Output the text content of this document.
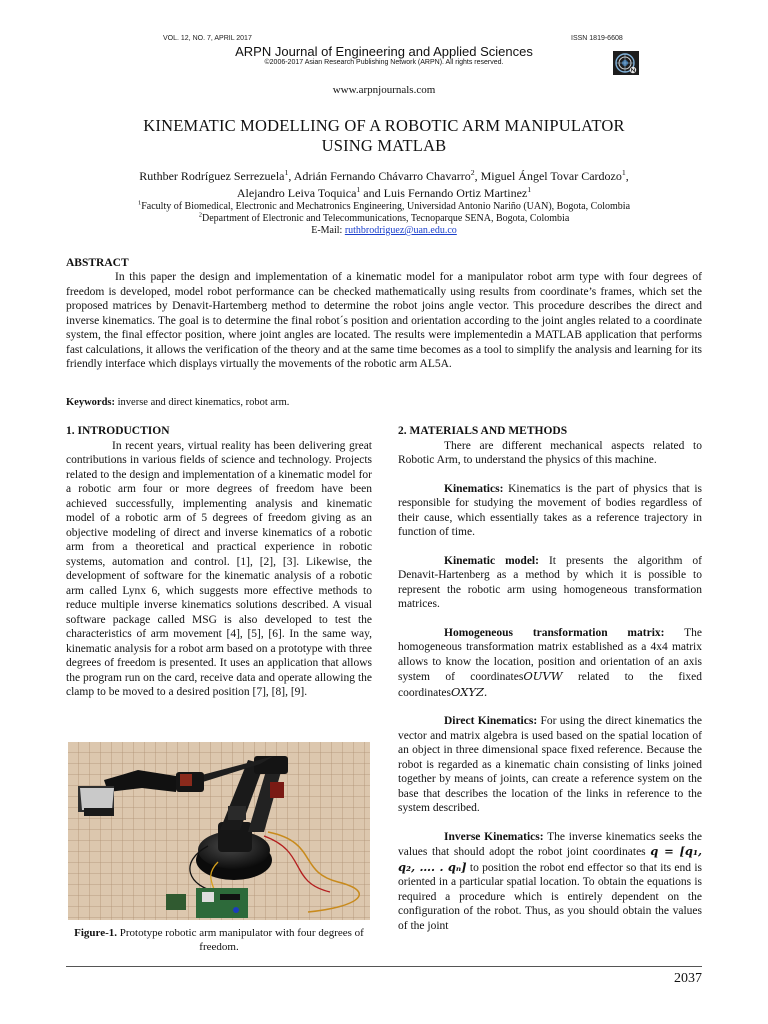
VOL. 12, NO. 7, APRIL 2017	ISSN 1819-6608
ARPN Journal of Engineering and Applied Sciences
©2006-2017 Asian Research Publishing Network (ARPN). All rights reserved.
www.arpnjournals.com
KINEMATIC MODELLING OF A ROBOTIC ARM MANIPULATOR
USING MATLAB
Ruthber Rodríguez Serrezuela$^1$, Adrián Fernando Chávarro Chavarro$^2$, Miguel Ángel Tovar Cardozo$^1$,
Alejandro Leiva Toquica$^1$ and Luis Fernando Ortiz Martinez$^1$
$^1$Faculty of Biomedical, Electronic and Mechatronics Engineering, Universidad Antonio Nariño (UAN), Bogota, Colombia
$^2$Department of Electronic and Telecommunications, Tecnoparque SENA, Bogota, Colombia
E-Mail: ruthbrodriguez@uan.edu.co
ABSTRACT

In this paper the design and implementation of a kinematic model for a manipulator robot arm type with four degrees of freedom is developed, model robot performance can be checked mathematically using results from coordinate’s frames, which set the proposed matrices by Denavit-Hartemberg method to determine the robot joins angle vector. This procedure describes the direct and inverse kinematics. The goal is to determine the final robot´s position and orientation according to the joint angles related to a coordinate system, the final effector position, where joint angles are located. The results were implementedin a MATLAB application that performs fast calculations, it allows the verification of the theory and at the same time becomes as a tool to simplify the analysis and learning for its friendly interface which displays virtually the movements of the robotic arm AL5A.

Keywords: inverse and direct kinematics, robot arm.
1. INTRODUCTION

In recent years, virtual reality has been delivering great contributions in various fields of science and technology. Projects related to the design and implementation of a kinematic model for a robotic arm four or more degrees of freedom have been achieved successfully, implementing analysis and kinematic model of a robotic arm of 5 degrees of freedom giving as an objective modeling of direct and inverse kinematics of a robotic arm from a theoretical and practical experience in robotic systems, automation and control. [1], [2], [3]. Likewise, the development of software for the kinematic analysis of a robotic arm called Lynx 6, which suggests more effective methods to reduce multiple inverse kinematics solutions described. A visual software package called MSG is also developed to test the characteristics of arm movement [4], [5], [6]. In the same way, kinematic analysis for a robot arm based on a prototype with three degrees of freedom is presented. It uses an application that allows the program run on the card, receive data and operate allowing the clamp to be moved to a desired position [7], [8], [9].

Figure-1. Prototype robotic arm manipulator with four degrees of freedom.
2. MATERIALS AND METHODS

There are different mechanical aspects related to Robotic Arm, to understand the physics of this machine.

Kinematics: Kinematics is the part of physics that is responsible for studying the movement of bodies regardless of their cause, which essentially takes as a reference trajectory in function of time.

Kinematic model: It presents the algorithm of Denavit-Hartenberg as a method by which it is possible to represent the robotic arm using homogeneous transformation matrices.

Homogeneous transformation matrix: The homogeneous transformation matrix established as a 4x4 matrix allows to know the location, position and orientation of an axis system of coordinatesOUVW related to the fixed coordinatesOXYZ.

Direct Kinematics: For using the direct kinematics the vector and matrix algebra is used based on the spatial location of an object in three dimensional space fixed reference. Because the robot is regarded as a kinematic chain consisting of links joined together by means of joints, can create a reference system on the base that describes the location of the links in reference to the system described.

Inverse Kinematics: The inverse kinematics seeks the values that should adopt the robot joint coordinates q = [q₁, q₂, …. . qₙ] to position the robot end effector so that its end is oriented in a particular spatial location. To obtain the equations is required a procedure which is entirely dependent on the configuration of the robot. Thus, as you should obtain the values of the joint

2037
